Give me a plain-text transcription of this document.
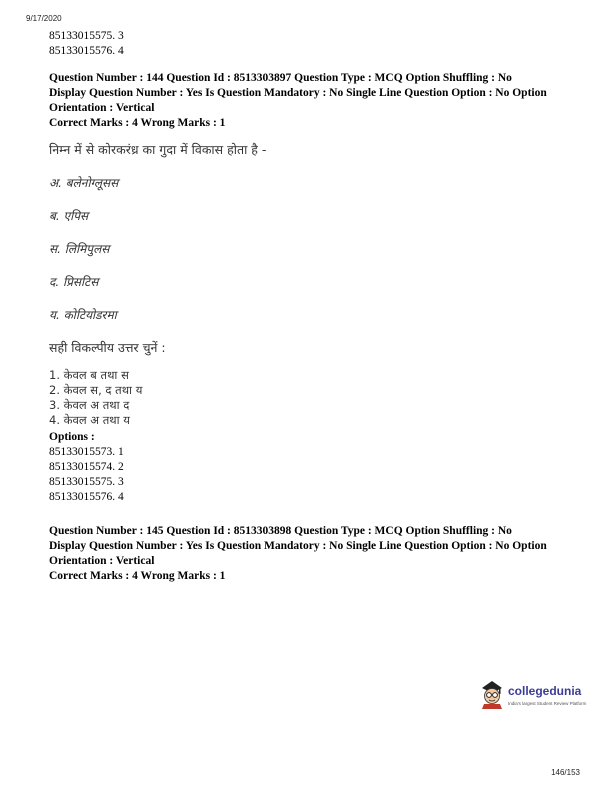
9/17/2020

85133015575. 3

85133015576. 4

Question Number : 144 Question Id : 8513303897 Question Type : MCQ Option Shuffling : No

Display Question Number : Yes Is Question Mandatory : No Single Line Question Option : No Option

Orientation : Vertical

Correct Marks : 4 Wrong Marks : 1

निम्न में से कोरकरंध्र का गुदा में विकास होता है -

अ. बलेनोग्लूसस

ब. एपिस

स. लिमिपुलस

द. प्रिसटिस

य. कोटियोडरमा

सही विकल्पीय उत्तर चुनें :

1. केवल ब तथा स
2. केवल स, द तथा य
3. केवल अ तथा द
4. केवल अ तथा य

Options :

85133015573. 1

85133015574. 2

85133015575. 3

85133015576. 4

Question Number : 145 Question Id : 8513303898 Question Type : MCQ Option Shuffling : No

Display Question Number : Yes Is Question Mandatory : No Single Line Question Option : No Option

Orientation : Vertical

Correct Marks : 4 Wrong Marks : 1

collegedunia
India's largest Student Review Platform
146/153
